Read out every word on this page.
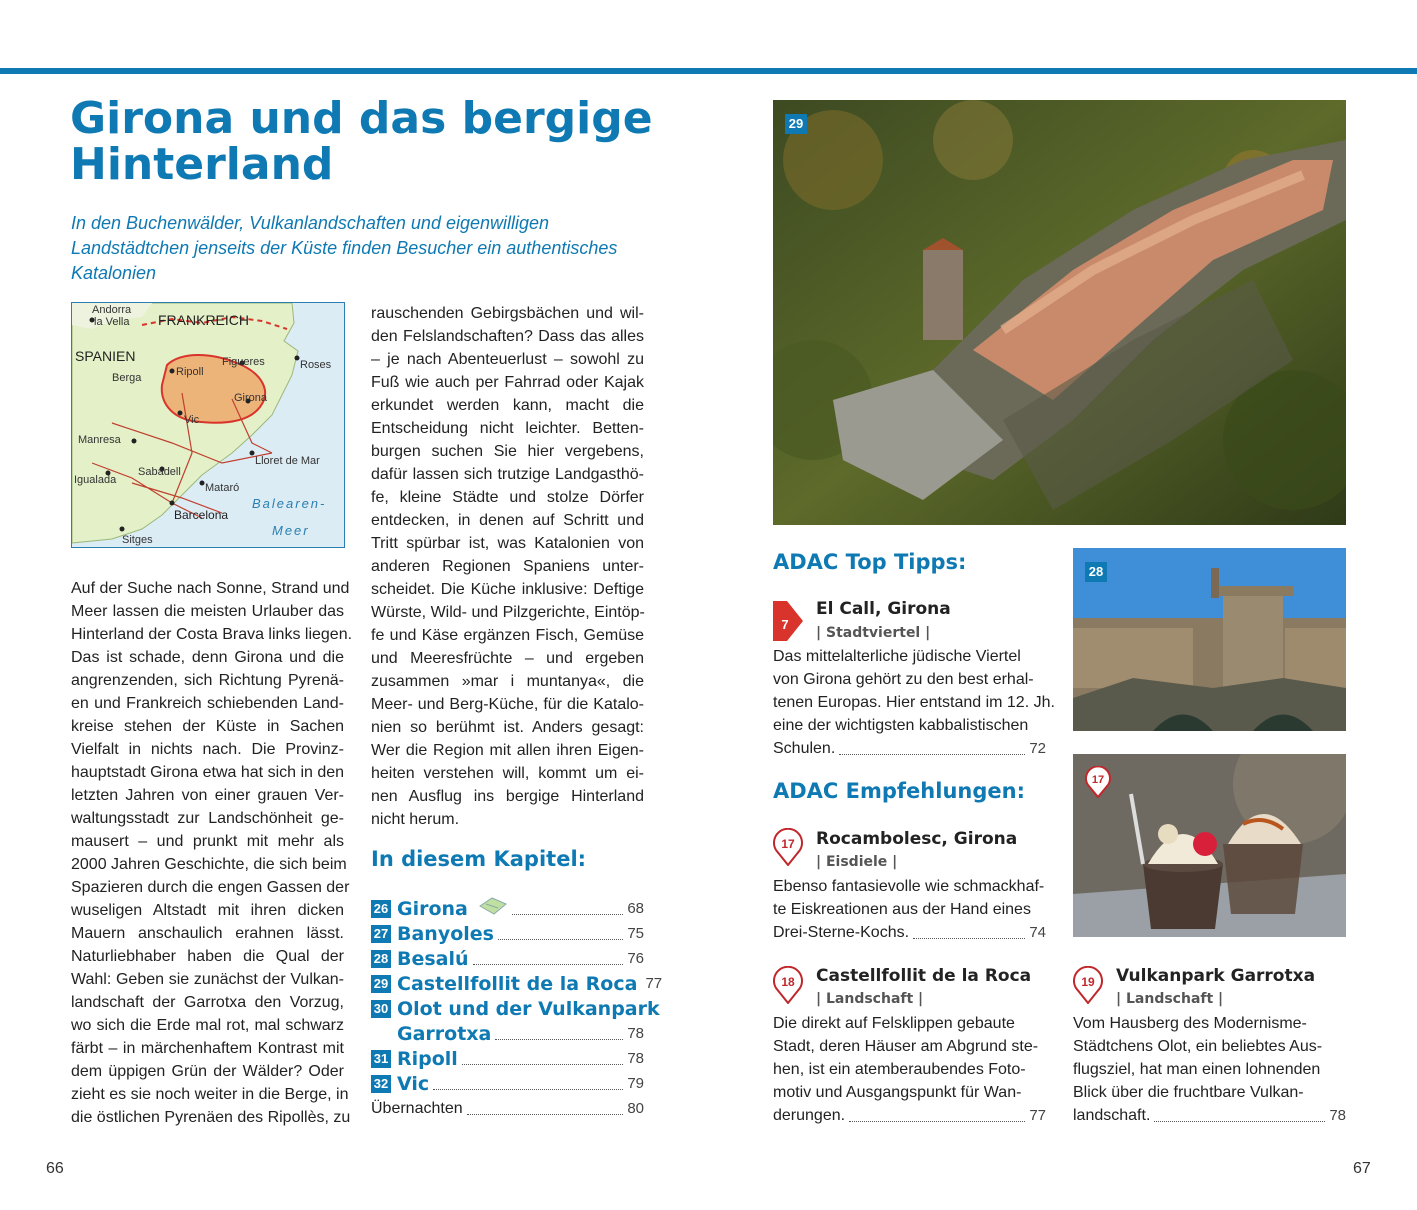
Girona und das bergige
Hinterland

In den Buchenwälder, Vulkanlandschaften und eigenwilligen
Landstädtchen jenseits der Küste finden Besucher ein authentisches
Katalonien

Andorra
la Vella FRANKREICH
SPANIEN	Figueres	Roses
Berga	Ripoll
Girona
Vic
Manresa
Lloret de Mar
Sabadell
Igualada
Mataró
Barcelona
Sitges
Balearen-
Meer
Auf der Suche nach Sonne, Strand und
Meer lassen die meisten Urlauber das
Hinterland der Costa Brava links liegen.
Das ist schade, denn Girona und die
angrenzenden, sich Richtung Pyrenä-
en und Frankreich schiebenden Land-
kreise stehen der Küste in Sachen
Vielfalt in nichts nach. Die Provinz-
hauptstadt Girona etwa hat sich in den
letzten Jahren von einer grauen Ver-
waltungsstadt zur Landschönheit ge-
mausert – und prunkt mit mehr als
2000 Jahren Geschichte, die sich beim
Spazieren durch die engen Gassen der
wuseligen Altstadt mit ihren dicken
Mauern anschaulich erahnen lässt.
Naturliebhaber haben die Qual der
Wahl: Geben sie zunächst der Vulkan-
landschaft der Garrotxa den Vorzug,
wo sich die Erde mal rot, mal schwarz
färbt – in märchenhaftem Kontrast mit
dem üppigen Grün der Wälder? Oder
zieht es sie noch weiter in die Berge, in
die östlichen Pyrenäen des Ripollès, zu
rauschenden Gebirgsbächen und wil-
den Felslandschaften? Dass das alles
– je nach Abenteuerlust – sowohl zu
Fuß wie auch per Fahrrad oder Kajak
erkundet werden kann, macht die
Entscheidung nicht leichter. Betten-
burgen suchen Sie hier vergebens,
dafür lassen sich trutzige Landgasthö-
fe, kleine Städte und stolze Dörfer
entdecken, in denen auf Schritt und
Tritt spürbar ist, was Katalonien von
anderen Regionen Spaniens unter-
scheidet. Die Küche inklusive: Deftige
Würste, Wild- und Pilzgerichte, Eintöp-
fe und Käse ergänzen Fisch, Gemüse
und Meeresfrüchte – und ergeben
zusammen »mar i muntanya«, die
Meer- und Berg-Küche, für die Katalo-
nien so berühmt ist. Anders gesagt:
Wer die Region mit allen ihren Eigen-
heiten verstehen will, kommt um ei-
nen Ausflug ins bergige Hinterland
nicht herum.
In diesem Kapitel:
26 Girona	68
27 Banyoles	75
28 Besalú	76
29 Castellfollit de la Roca 77
30 Olot und der Vulkanpark
Garrotxa	78
31 Ripoll	78
32 Vic	79
Übernachten	80
29
28
17
ADAC Top Tipps:
7
El Call, Girona
| Stadtviertel |
Das mittelalterliche jüdische Viertel
von Girona gehört zu den best erhal-
tenen Europas. Hier entstand im 12. Jh.
eine der wichtigsten kabbalistischen
Schulen.	72
ADAC Empfehlungen:
17 Rocambolesc, Girona
| Eisdiele |
Ebenso fantasievolle wie schmackhaf-
te Eiskreationen aus der Hand eines
Drei-Sterne-Kochs.	74
18 Castellfollit de la Roca
| Landschaft |
Die direkt auf Felsklippen gebaute
Stadt, deren Häuser am Abgrund ste-
hen, ist ein atemberaubendes Foto-
motiv und Ausgangspunkt für Wan-
derungen.	77
19 Vulkanpark Garrotxa
| Landschaft |
Vom Hausberg des Modernisme-
Städtchens Olot, ein beliebtes Aus-
flugsziel, hat man einen lohnenden
Blick über die fruchtbare Vulkan-
landschaft.	78
66	67
